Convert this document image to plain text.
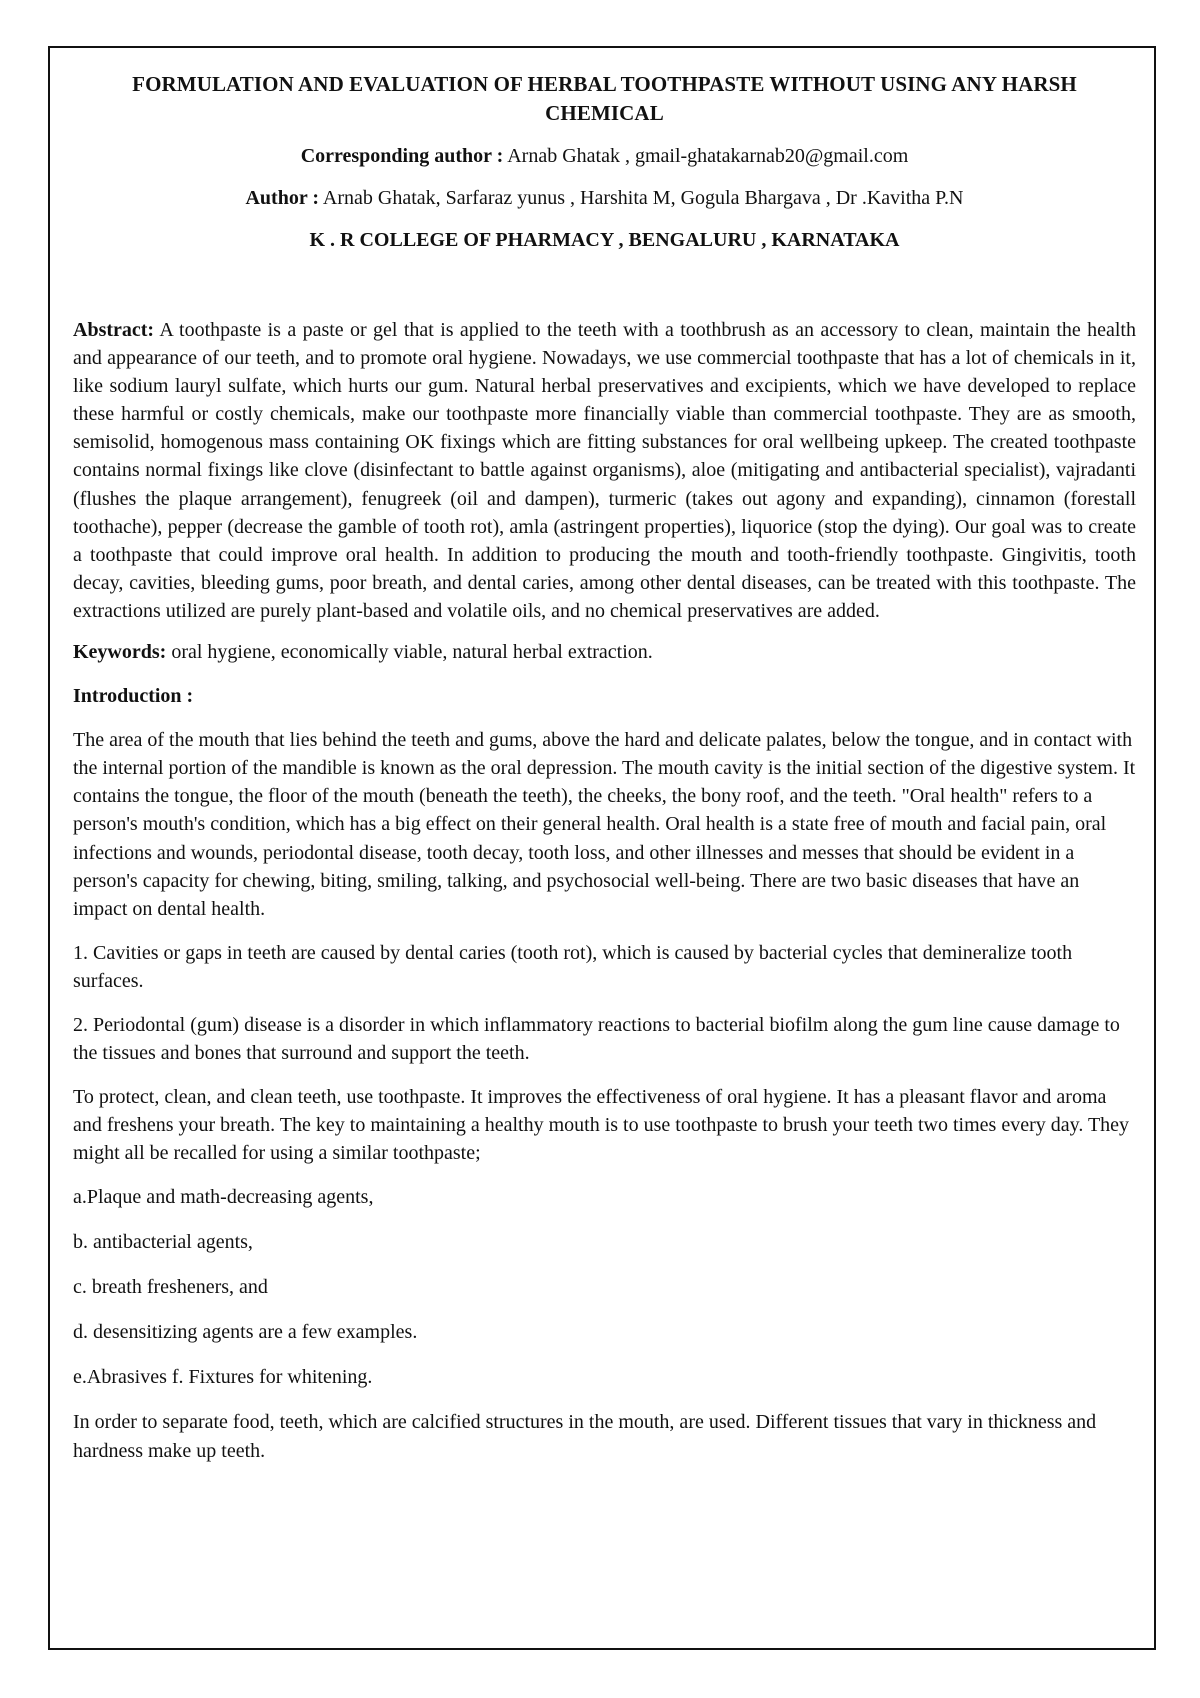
FORMULATION AND EVALUATION OF HERBAL TOOTHPASTE WITHOUT USING ANY HARSH CHEMICAL
Corresponding author : Arnab Ghatak , gmail-ghatakarnab20@gmail.com
Author : Arnab Ghatak, Sarfaraz yunus , Harshita M, Gogula Bhargava , Dr .Kavitha P.N
K . R COLLEGE OF PHARMACY , BENGALURU , KARNATAKA
Abstract: A toothpaste is a paste or gel that is applied to the teeth with a toothbrush as an accessory to clean, maintain the health and appearance of our teeth, and to promote oral hygiene. Nowadays, we use commercial toothpaste that has a lot of chemicals in it, like sodium lauryl sulfate, which hurts our gum. Natural herbal preservatives and excipients, which we have developed to replace these harmful or costly chemicals, make our toothpaste more financially viable than commercial toothpaste. They are as smooth, semisolid, homogenous mass containing OK fixings which are fitting substances for oral wellbeing upkeep. The created toothpaste contains normal fixings like clove (disinfectant to battle against organisms), aloe (mitigating and antibacterial specialist), vajradanti (flushes the plaque arrangement), fenugreek (oil and dampen), turmeric (takes out agony and expanding), cinnamon (forestall toothache), pepper (decrease the gamble of tooth rot), amla (astringent properties), liquorice (stop the dying). Our goal was to create a toothpaste that could improve oral health. In addition to producing the mouth and tooth-friendly toothpaste. Gingivitis, tooth decay, cavities, bleeding gums, poor breath, and dental caries, among other dental diseases, can be treated with this toothpaste. The extractions utilized are purely plant-based and volatile oils, and no chemical preservatives are added.
Keywords: oral hygiene, economically viable, natural herbal extraction.
Introduction :
The area of the mouth that lies behind the teeth and gums, above the hard and delicate palates, below the tongue, and in contact with the internal portion of the mandible is known as the oral depression. The mouth cavity is the initial section of the digestive system. It contains the tongue, the floor of the mouth (beneath the teeth), the cheeks, the bony roof, and the teeth. "Oral health" refers to a person's mouth's condition, which has a big effect on their general health. Oral health is a state free of mouth and facial pain, oral infections and wounds, periodontal disease, tooth decay, tooth loss, and other illnesses and messes that should be evident in a person's capacity for chewing, biting, smiling, talking, and psychosocial well-being. There are two basic diseases that have an impact on dental health.
1. Cavities or gaps in teeth are caused by dental caries (tooth rot), which is caused by bacterial cycles that demineralize tooth surfaces.
2. Periodontal (gum) disease is a disorder in which inflammatory reactions to bacterial biofilm along the gum line cause damage to the tissues and bones that surround and support the teeth.
To protect, clean, and clean teeth, use toothpaste. It improves the effectiveness of oral hygiene. It has a pleasant flavor and aroma and freshens your breath. The key to maintaining a healthy mouth is to use toothpaste to brush your teeth two times every day. They might all be recalled for using a similar toothpaste;
a.Plaque and math-decreasing agents,
b. antibacterial agents,
c. breath fresheners, and
d. desensitizing agents are a few examples.
e.Abrasives f. Fixtures for whitening.
In order to separate food, teeth, which are calcified structures in the mouth, are used. Different tissues that vary in thickness and hardness make up teeth.
